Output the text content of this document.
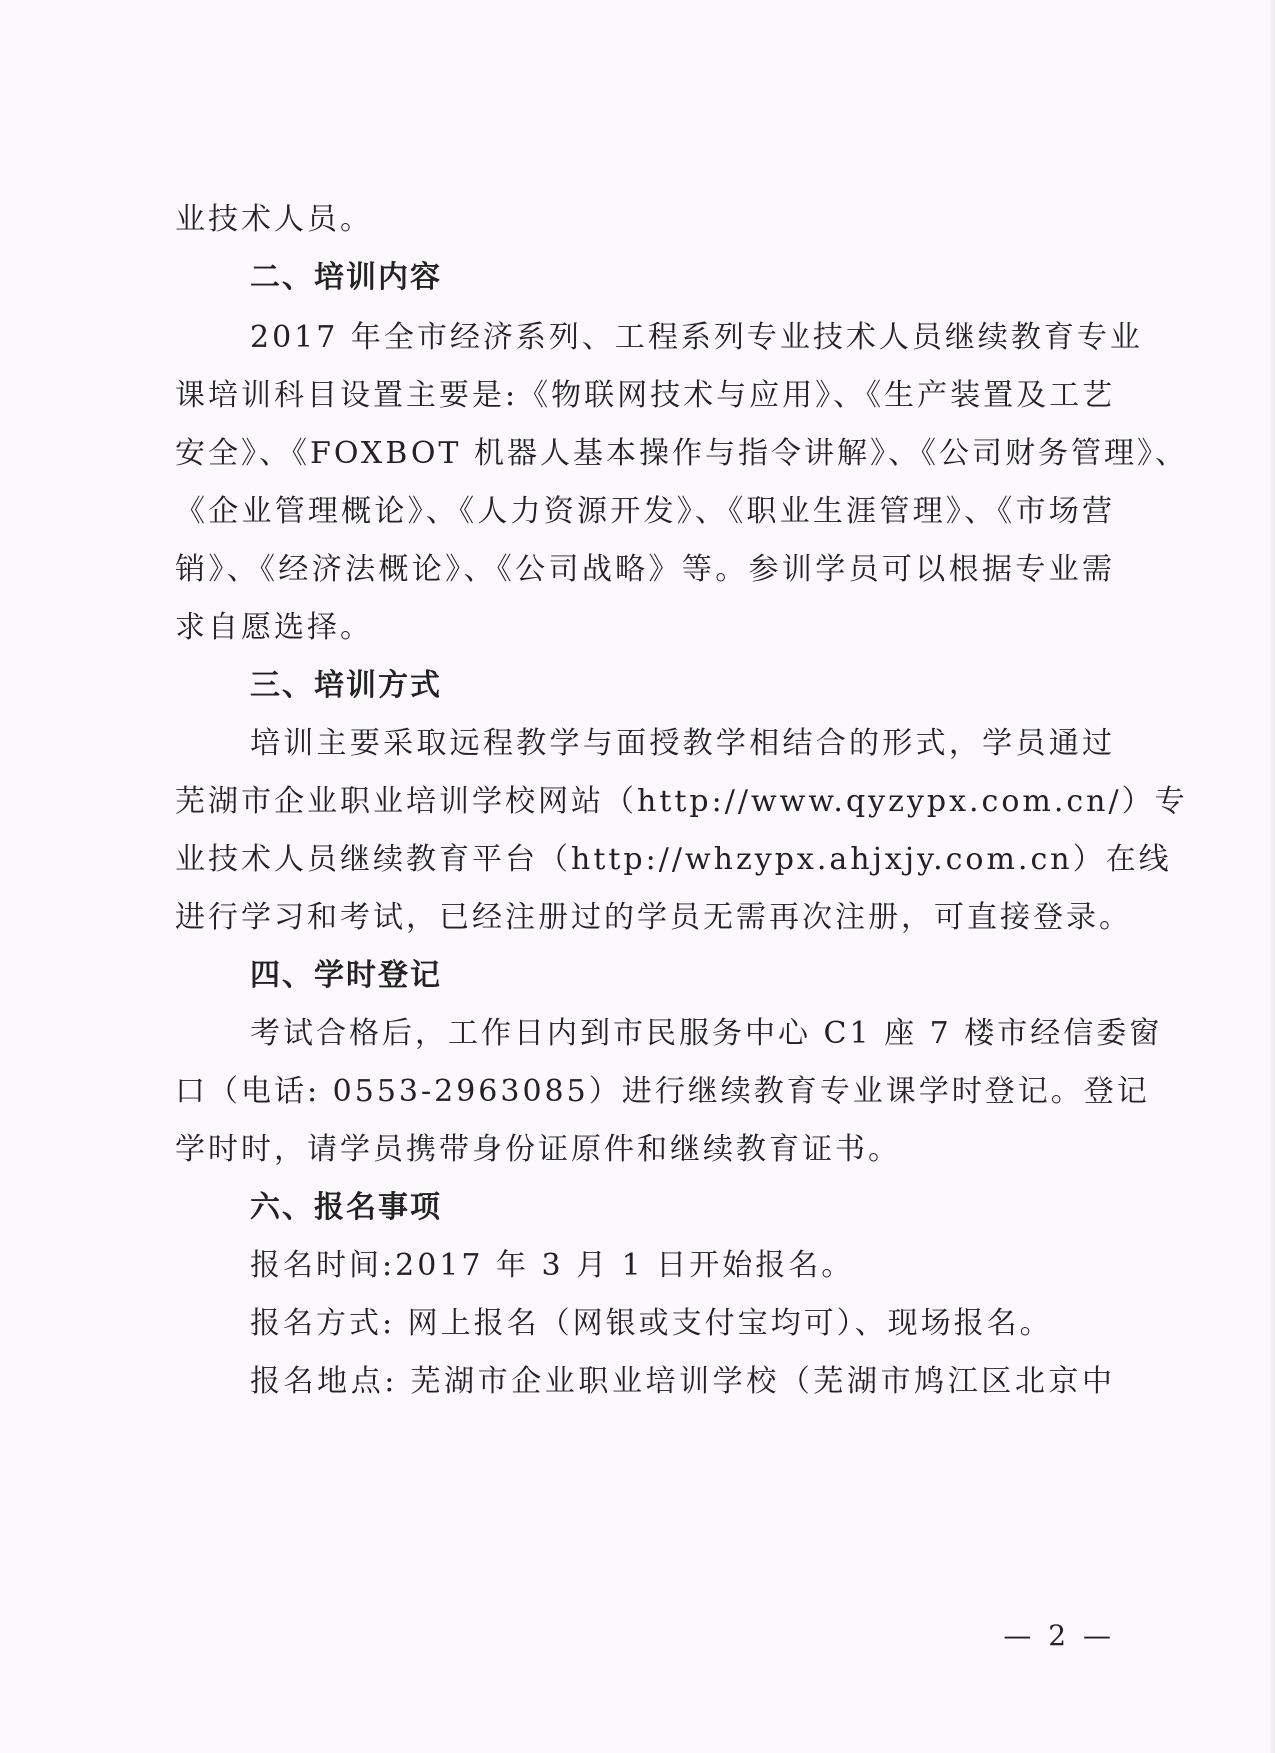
业技术人员。
二、培训内容
2017 年全市经济系列、工程系列专业技术人员继续教育专业
课培训科目设置主要是:《物联网技术与应用》、《生产装置及工艺
安全》、《FOXBOT 机器人基本操作与指令讲解》、《公司财务管理》、
《企业管理概论》、《人力资源开发》、《职业生涯管理》、《市场营
销》、《经济法概论》、《公司战略》等。参训学员可以根据专业需
求自愿选择。
三、培训方式
培训主要采取远程教学与面授教学相结合的形式，学员通过
芜湖市企业职业培训学校网站（http://www.qyzypx.com.cn/）专
业技术人员继续教育平台（http://whzypx.ahjxjy.com.cn）在线
进行学习和考试，已经注册过的学员无需再次注册，可直接登录。
四、学时登记
考试合格后，工作日内到市民服务中心 C1 座 7 楼市经信委窗
口（电话: 0553-2963085）进行继续教育专业课学时登记。登记
学时时，请学员携带身份证原件和继续教育证书。
六、报名事项
报名时间:2017 年 3 月 1 日开始报名。
报名方式: 网上报名（网银或支付宝均可）、现场报名。
报名地点: 芜湖市企业职业培训学校（芜湖市鸠江区北京中
— 2 —
